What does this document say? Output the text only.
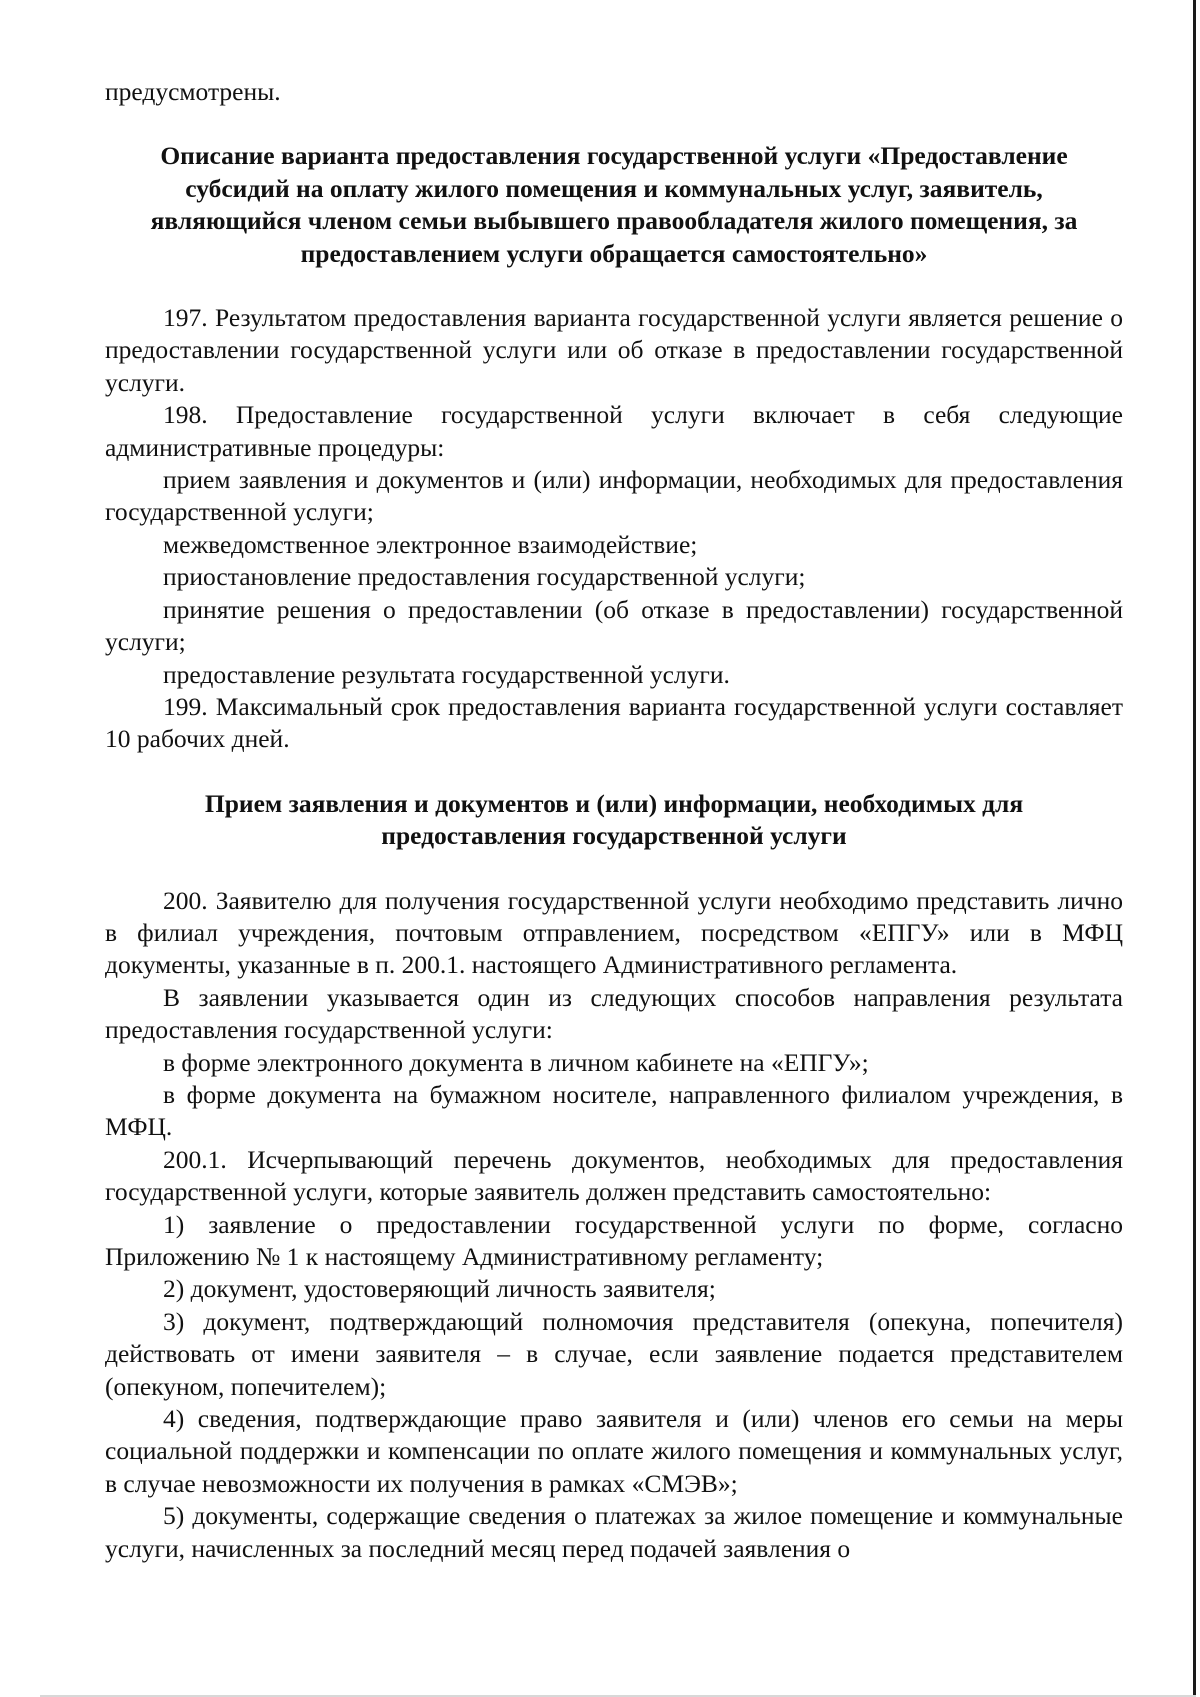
предусмотрены.

Описание варианта предоставления государственной услуги «Предоставление субсидий на оплату жилого помещения и коммунальных услуг, заявитель, являющийся членом семьи выбывшего правообладателя жилого помещения, за предоставлением услуги обращается самостоятельно»

197. Результатом предоставления варианта государственной услуги является решение о предоставлении государственной услуги или об отказе в предоставлении государственной услуги.

198. Предоставление государственной услуги включает в себя следующие административные процедуры:

прием заявления и документов и (или) информации, необходимых для предоставления государственной услуги;

межведомственное электронное взаимодействие;

приостановление предоставления государственной услуги;

принятие решения о предоставлении (об отказе в предоставлении) государственной услуги;

предоставление результата государственной услуги.

199. Максимальный срок предоставления варианта государственной услуги составляет 10 рабочих дней.

Прием заявления и документов и (или) информации, необходимых для предоставления государственной услуги

200. Заявителю для получения государственной услуги необходимо представить лично в филиал учреждения, почтовым отправлением, посредством «ЕПГУ» или в МФЦ документы, указанные в п. 200.1. настоящего Административного регламента.

В заявлении указывается один из следующих способов направления результата предоставления государственной услуги:

в форме электронного документа в личном кабинете на «ЕПГУ»;

в форме документа на бумажном носителе, направленного филиалом учреждения, в МФЦ.

200.1. Исчерпывающий перечень документов, необходимых для предоставления государственной услуги, которые заявитель должен представить самостоятельно:

1) заявление о предоставлении государственной услуги по форме, согласно Приложению № 1 к настоящему Административному регламенту;

2) документ, удостоверяющий личность заявителя;

3) документ, подтверждающий полномочия представителя (опекуна, попечителя) действовать от имени заявителя – в случае, если заявление подается представителем (опекуном, попечителем);

4) сведения, подтверждающие право заявителя и (или) членов его семьи на меры социальной поддержки и компенсации по оплате жилого помещения и коммунальных услуг, в случае невозможности их получения в рамках «СМЭВ»;

5) документы, содержащие сведения о платежах за жилое помещение и коммунальные услуги, начисленных за последний месяц перед подачей заявления о
